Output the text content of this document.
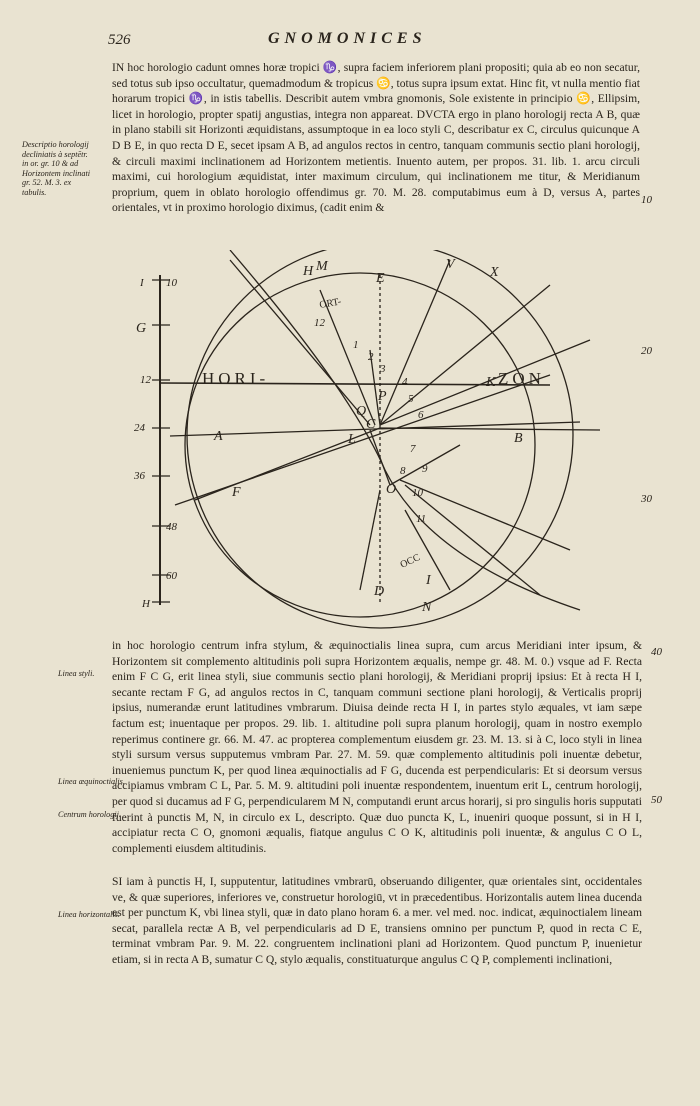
526	GNOMONICES

IN hoc horologio cadunt omnes horæ tropici ♑, supra faciem inferiorem plani propositi; quia ab eo non secatur, sed totus sub ipso occultatur, quemadmodum & tropicus ♋, totus supra ipsum extat. Hinc fit, vt nulla mentio fiat horarum tropici ♑, in istis tabellis. Describit autem vmbra gnomonis, Sole existente in principio ♋, Ellipsim, licet in horologio, propter spatij angustias, integra non appareat. DVCTA ergo in plano horologij recta A B, quæ in plano stabili sit Horizonti æquidistans, assumptoque in ea loco styli C, describatur ex C, circulus quicunque A D B E, in quo recta D E, secet ipsam A B, ad angulos rectos in centro, tanquam communis sectio plani horologij, & circuli maximi inclinationem ad Horizontem metientis. Inuento autem, per propos. 31. lib. 1. arcu circuli maximi, cui horologium æquidistat, inter maximum circulum, qui inclinationem me titur, & Meridianum proprium, quem in oblato horologio offendimus gr. 70. M. 28. computabimus eum à D, versus A, partes orientales, vt in proximo horologio diximus, (cadit enim &

Descriptio horologij decliniatis à septētr. in or. gr. 10 & ad Horizontem inclinati gr. 52. M. 3. ex tabulis.
Linea styli.
Linea æquinoctialis.
Centrum horologij.
Linea horizontalis.
10
20
30
40
50
H	E
V
A	B
C
D
F
G
I
K
L
M
N
O
P
Q
X
HORI-	ZON
ORT-
OCC
1
2
3
4
5
6
7
8 9
10
11
12
I 10
12
24
36
48
60
H

in hoc horologio centrum infra stylum, & æquinoctialis linea supra, cum arcus Meridiani inter ipsum, & Horizontem sit complemento altitudinis poli supra Horizontem æqualis, nempe gr. 48. M. 0.) vsque ad F. Recta enim F C G, erit linea styli, siue communis sectio plani horologij, & Meridiani proprij ipsius: Et à recta H I, secante rectam F G, ad angulos rectos in C, tanquam communi sectione plani horologij, & Verticalis proprij ipsius, numerandæ erunt latitudines vmbrarum. Diuisa deinde recta H I, in partes stylo æquales, vt iam sæpe factum est; inuentaque per propos. 29. lib. 1. altitudine poli supra planum horologij, quam in nostro exemplo reperimus continere gr. 66. M. 47. ac propterea complementum eiusdem gr. 23. M. 13. si à C, loco styli in linea styli sursum versus supputemus vmbram Par. 27. M. 59. quæ complemento altitudinis poli inuentæ debetur, inueniemus punctum K, per quod linea æquinoctialis ad F G, ducenda est perpendicularis: Et si deorsum versus accipiamus vmbram C L, Par. 5. M. 9. altitudini poli inuentæ respondentem, inuentum erit L, centrum horologij, per quod si ducamus ad F G, perpendicularem M N, computandi erunt arcus horarij, si pro singulis horis supputati fuerint à punctis M, N, in circulo ex L, descripto. Quæ duo puncta K, L, inueniri quoque possunt, si in H I, accipiatur recta C O, gnomoni æqualis, fiatque angulus C O K, altitudinis poli inuentæ, & angulus C O L, complementi eiusdem altitudinis.

SI iam à punctis H, I, supputentur, latitudines vmbrarū, obseruando diligenter, quæ orientales sint, occidentales ve, & quæ superiores, inferiores ve, construetur horologiū, vt in præcedentibus. Horizontalis autem linea ducenda est per punctum K, vbi linea styli, quæ in dato plano horam 6. a mer. vel med. noc. indicat, æquinoctialem lineam secat, parallela rectæ A B, vel perpendicularis ad D E, transiens omnino per punctum P, quod in recta C E, terminat vmbram Par. 9. M. 22. congruentem inclinationi plani ad Horizontem. Quod punctum P, inuenietur etiam, si in recta A B, sumatur C Q, stylo æqualis, constituaturque angulus C Q P, complementi inclinationi,
